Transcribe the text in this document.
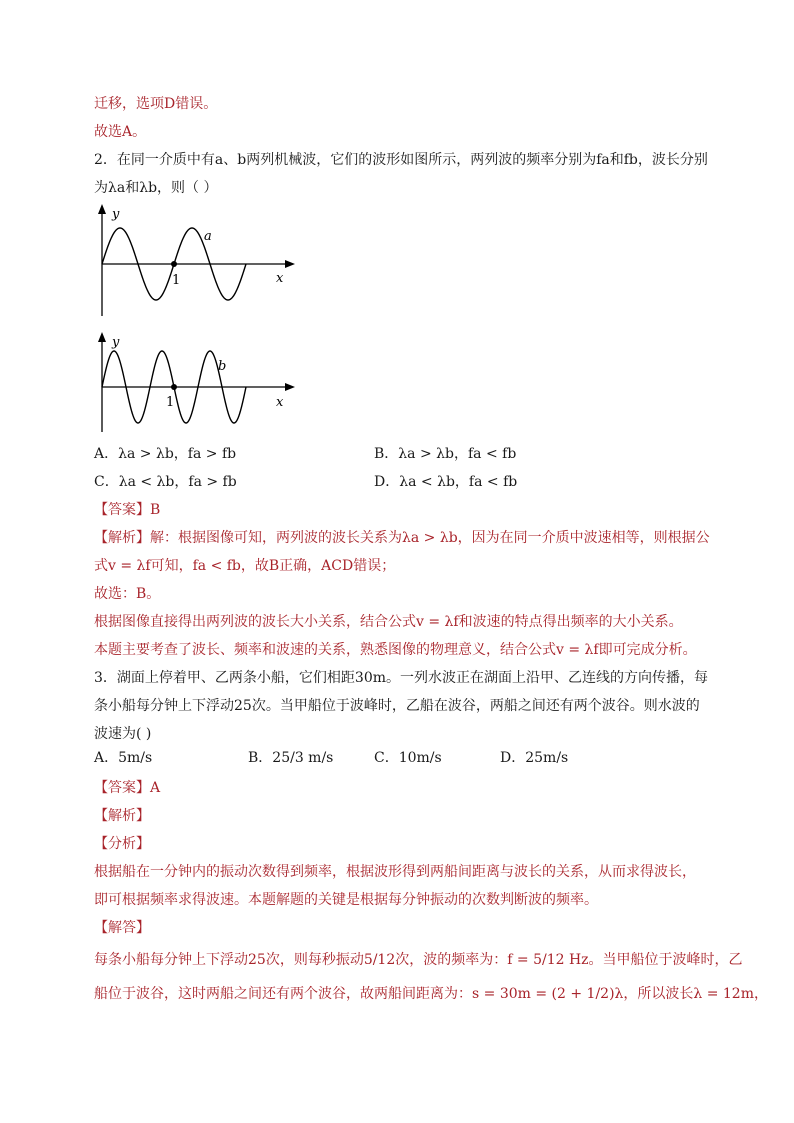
迁移，选项D错误。
故选A。
2．在同一介质中有a、b两列机械波，它们的波形如图所示，两列波的频率分别为fa和fb，波长分别
为λa和λb，则（ ）
y
1
a
x
y
1
b
x
A．λa > λb，fa > fb	B．λa > λb，fa < fb
C．λa < λb，fa > fb	D．λa < λb，fa < fb
【答案】B
【解析】解：根据图像可知，两列波的波长关系为λa > λb，因为在同一介质中波速相等，则根据公
式v = λf可知，fa < fb，故B正确，ACD错误；
故选：B。
根据图像直接得出两列波的波长大小关系，结合公式v = λf和波速的特点得出频率的大小关系。
本题主要考查了波长、频率和波速的关系，熟悉图像的物理意义，结合公式v = λf即可完成分析。
3．湖面上停着甲、乙两条小船，它们相距30m。一列水波正在湖面上沿甲、乙连线的方向传播，每
条小船每分钟上下浮动25次。当甲船位于波峰时，乙船在波谷，两船之间还有两个波谷。则水波的
波速为( )
A．5m/s	B．25/3 m/s	C．10m/s	D．25m/s
【答案】A
【解析】
【分析】
根据船在一分钟内的振动次数得到频率，根据波形得到两船间距离与波长的关系，从而求得波长，
即可根据频率求得波速。本题解题的关键是根据每分钟振动的次数判断波的频率。
【解答】
每条小船每分钟上下浮动25次，则每秒振动5/12次，波的频率为：f = 5/12 Hz。当甲船位于波峰时，乙
船位于波谷，这时两船之间还有两个波谷，故两船间距离为：s = 30m = (2 + 1/2)λ，所以波长λ = 12m，
